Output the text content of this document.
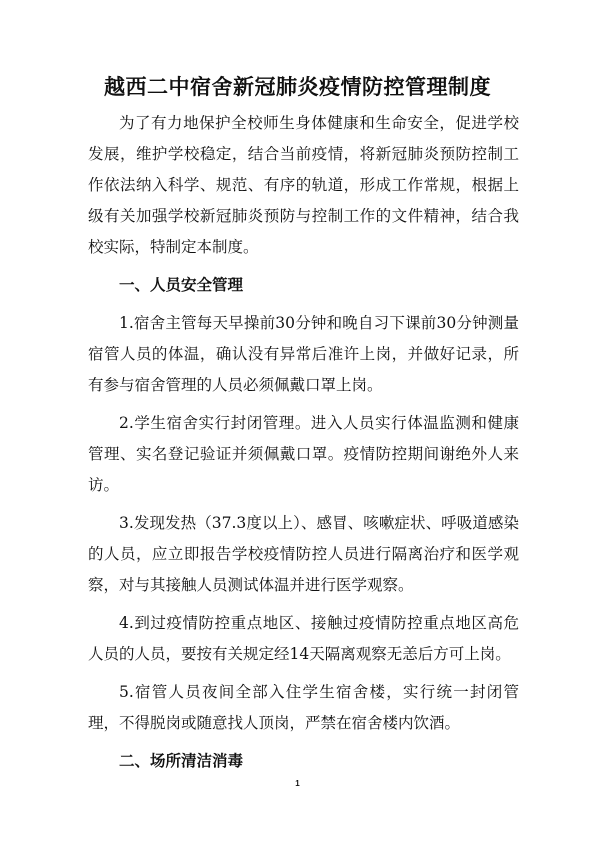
越西二中宿舍新冠肺炎疫情防控管理制度

为了有力地保护全校师生身体健康和生命安全，促进学校发展，维护学校稳定，结合当前疫情，将新冠肺炎预防控制工作依法纳入科学、规范、有序的轨道，形成工作常规，根据上级有关加强学校新冠肺炎预防与控制工作的文件精神，结合我校实际，特制定本制度。

一、人员安全管理

1.宿舍主管每天早操前30分钟和晚自习下课前30分钟测量宿管人员的体温，确认没有异常后准许上岗，并做好记录，所有参与宿舍管理的人员必须佩戴口罩上岗。

2.学生宿舍实行封闭管理。进入人员实行体温监测和健康管理、实名登记验证并须佩戴口罩。疫情防控期间谢绝外人来访。

3.发现发热（37.3度以上）、感冒、咳嗽症状、呼吸道感染的人员，应立即报告学校疫情防控人员进行隔离治疗和医学观察，对与其接触人员测试体温并进行医学观察。

4.到过疫情防控重点地区、接触过疫情防控重点地区高危人员的人员，要按有关规定经14天隔离观察无恙后方可上岗。

5.宿管人员夜间全部入住学生宿舍楼，实行统一封闭管理，不得脱岗或随意找人顶岗，严禁在宿舍楼内饮酒。

二、场所清洁消毒

1
